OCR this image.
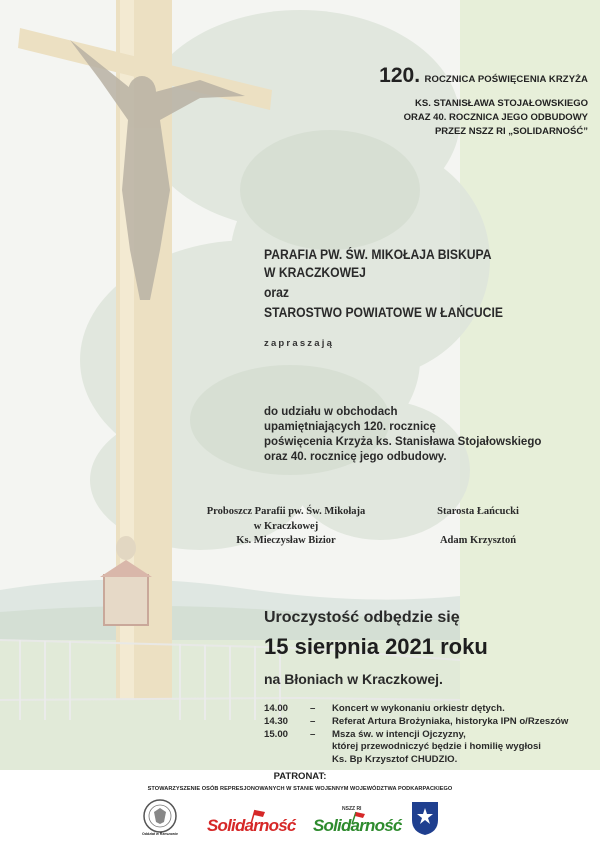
120. ROCZNICA POŚWIĘCENIA KRZYŻA
KS. STANISŁAWA STOJAŁOWSKIEGO
ORAZ 40. ROCZNICA JEGO ODBUDOWY
PRZEZ NSZZ RI „SOLIDARNOŚĆ”
PARAFIA PW. ŚW. MIKOŁAJA BISKUPA
W KRACZKOWEJ
oraz
STAROSTWO POWIATOWE W ŁAŃCUCIE
zapraszają
do udziału w obchodach
upamiętniających 120. rocznicę
poświęcenia Krzyża ks. Stanisława Stojałowskiego
oraz 40. rocznicę jego odbudowy.
Proboszcz Parafii pw. Św. Mikołaja
w Kraczkowej
Ks. Mieczysław Bizior
Starosta Łańcucki
Adam Krzysztoń
Uroczystość odbędzie się
15 sierpnia 2021 roku
na Błoniach w Kraczkowej.
14.00	–	Koncert w wykonaniu orkiestr dętych.
14.30	–	Referat Artura Brożyniaka, historyka IPN o/Rzeszów
15.00	–	Msza św. w intencji Ojczyzny,
której przewodniczyć będzie i homilię wygłosi
Ks. Bp Krzysztof CHUDZIO.
PATRONAT:
STOWARZYSZENIE OSÓB REPRESJONOWANYCH W STANIE WOJENNYM WOJEWÓDZTWA PODKARPACKIEGO
Oddział w Rzeszowie	Solidarność
NSZZ RI
Solidarność
